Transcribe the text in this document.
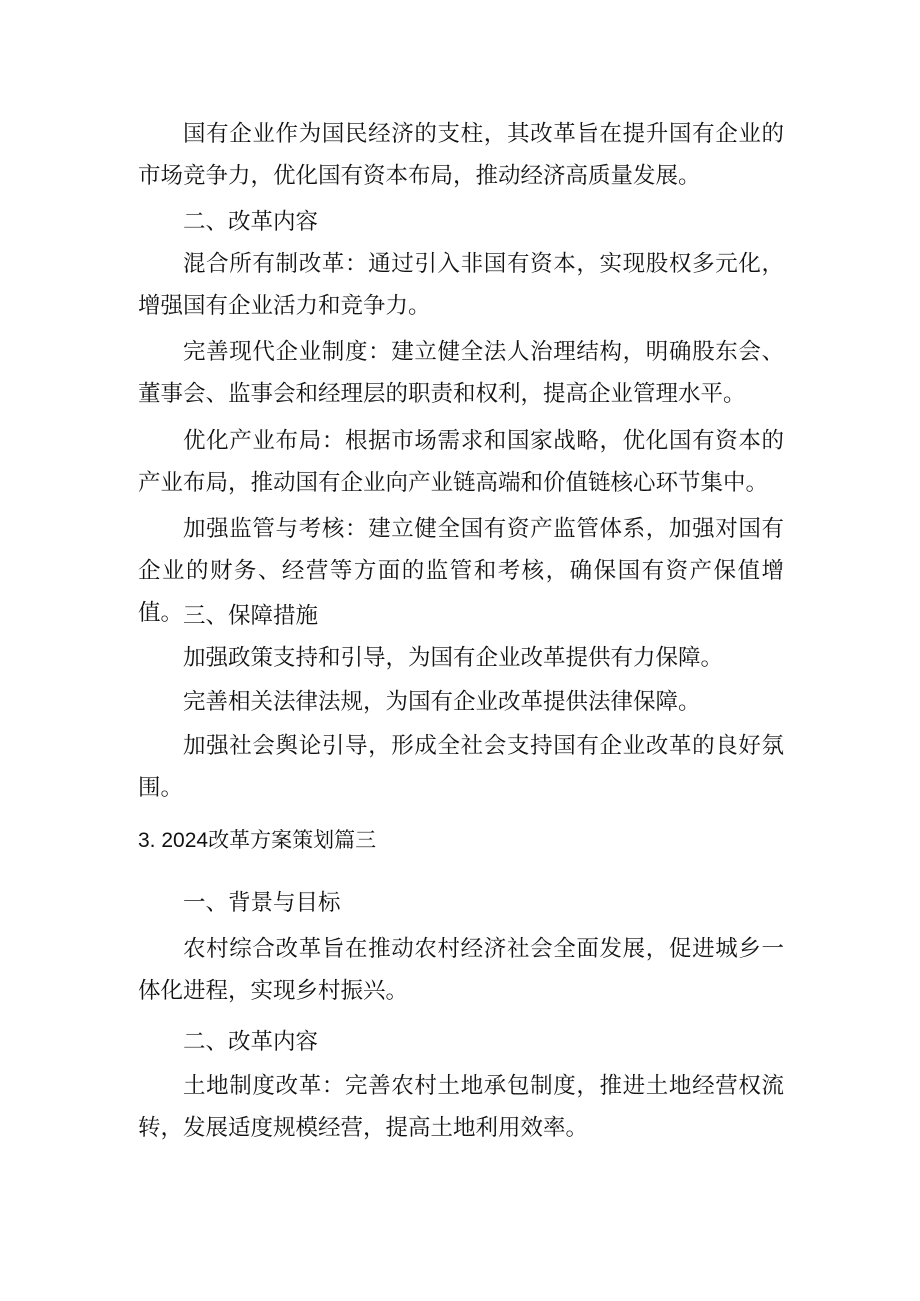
国有企业作为国民经济的支柱，其改革旨在提升国有企业的市场竞争力，优化国有资本布局，推动经济高质量发展。

二、改革内容

混合所有制改革：通过引入非国有资本，实现股权多元化，增强国有企业活力和竞争力。

完善现代企业制度：建立健全法人治理结构，明确股东会、董事会、监事会和经理层的职责和权利，提高企业管理水平。

优化产业布局：根据市场需求和国家战略，优化国有资本的产业布局，推动国有企业向产业链高端和价值链核心环节集中。

加强监管与考核：建立健全国有资产监管体系，加强对国有企业的财务、经营等方面的监管和考核，确保国有资产保值增值。 三、保障措施

加强政策支持和引导，为国有企业改革提供有力保障。

完善相关法律法规，为国有企业改革提供法律保障。

加强社会舆论引导，形成全社会支持国有企业改革的良好氛围。

3. 2024改革方案策划篇三

一、背景与目标

农村综合改革旨在推动农村经济社会全面发展，促进城乡一体化进程，实现乡村振兴。

二、改革内容

土地制度改革：完善农村土地承包制度，推进土地经营权流转，发展适度规模经营，提高土地利用效率。
